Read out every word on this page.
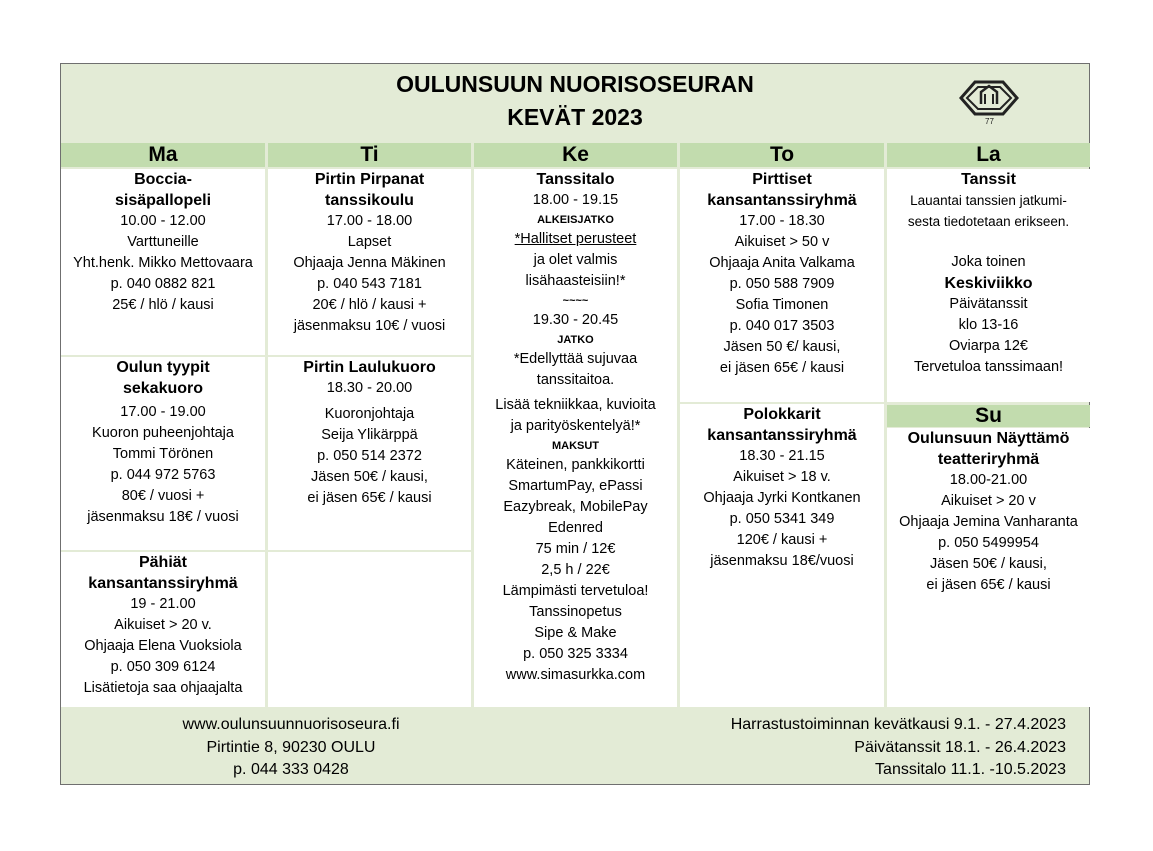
OULUNSUUN NUORISOSEURAN
KEVÄT 2023	77
Ma	Ti	Ke	To	La
Boccia-
sisäpallopeli
10.00 - 12.00
Varttuneille
Yht.henk. Mikko Mettovaara
p. 040 0882 821
25€ / hlö / kausi
Oulun tyypit
sekakuoro
17.00 - 19.00
Kuoron puheenjohtaja
Tommi Törönen
p. 044 972 5763
80€ / vuosi +
jäsenmaksu 18€ / vuosi
Pähiät
kansantanssiryhmä
19 - 21.00
Aikuiset > 20 v.
Ohjaaja Elena Vuoksiola
p. 050 309 6124
Lisätietoja saa ohjaajalta
Pirtin Pirpanat
tanssikoulu
17.00 - 18.00
Lapset
Ohjaaja Jenna Mäkinen
p. 040 543 7181
20€ / hlö / kausi +
jäsenmaksu 10€ / vuosi
Pirtin Laulukuoro
18.30 - 20.00
Kuoronjohtaja
Seija Ylikärppä
p. 050 514 2372
Jäsen 50€ / kausi,
ei jäsen 65€ / kausi
Tanssitalo
18.00 - 19.15
ALKEISJATKO
*Hallitset perusteet
ja olet valmis
lisähaasteisiin!*
~~~~
19.30 - 20.45
JATKO
*Edellyttää sujuvaa
tanssitaitoa.
Lisää tekniikkaa, kuvioita
ja parityöskentelyä!*
MAKSUT
Käteinen, pankkikortti
SmartumPay, ePassi
Eazybreak, MobilePay
Edenred
75 min / 12€
2,5 h / 22€
Lämpimästi tervetuloa!
Tanssinopetus
Sipe & Make
p. 050 325 3334
www.simasurkka.com
Pirttiset
kansantanssiryhmä
17.00 - 18.30
Aikuiset > 50 v
Ohjaaja Anita Valkama
p. 050 588 7909
Sofia Timonen
p. 040 017 3503
Jäsen 50 €/ kausi,
ei jäsen 65€ / kausi
Polokkarit
kansantanssiryhmä
18.30 - 21.15
Aikuiset > 18 v.
Ohjaaja Jyrki Kontkanen
p. 050 5341 349
120€ / kausi +
jäsenmaksu 18€/vuosi
Tanssit
Lauantai tanssien jatkumi-
sesta tiedotetaan erikseen.
Joka toinen
Keskiviikko
Päivätanssit
klo 13-16
Oviarpa 12€
Tervetuloa tanssimaan!
Su
Oulunsuun Näyttämö
teatteriryhmä
18.00-21.00
Aikuiset > 20 v
Ohjaaja Jemina Vanharanta
p. 050 5499954
Jäsen 50€ / kausi,
ei jäsen 65€ / kausi
www.oulunsuunnuorisoseura.fi
Pirtintie 8, 90230 OULU
p. 044 333 0428
Harrastustoiminnan kevätkausi 9.1. - 27.4.2023
Päivätanssit 18.1. - 26.4.2023
Tanssitalo 11.1. -10.5.2023
